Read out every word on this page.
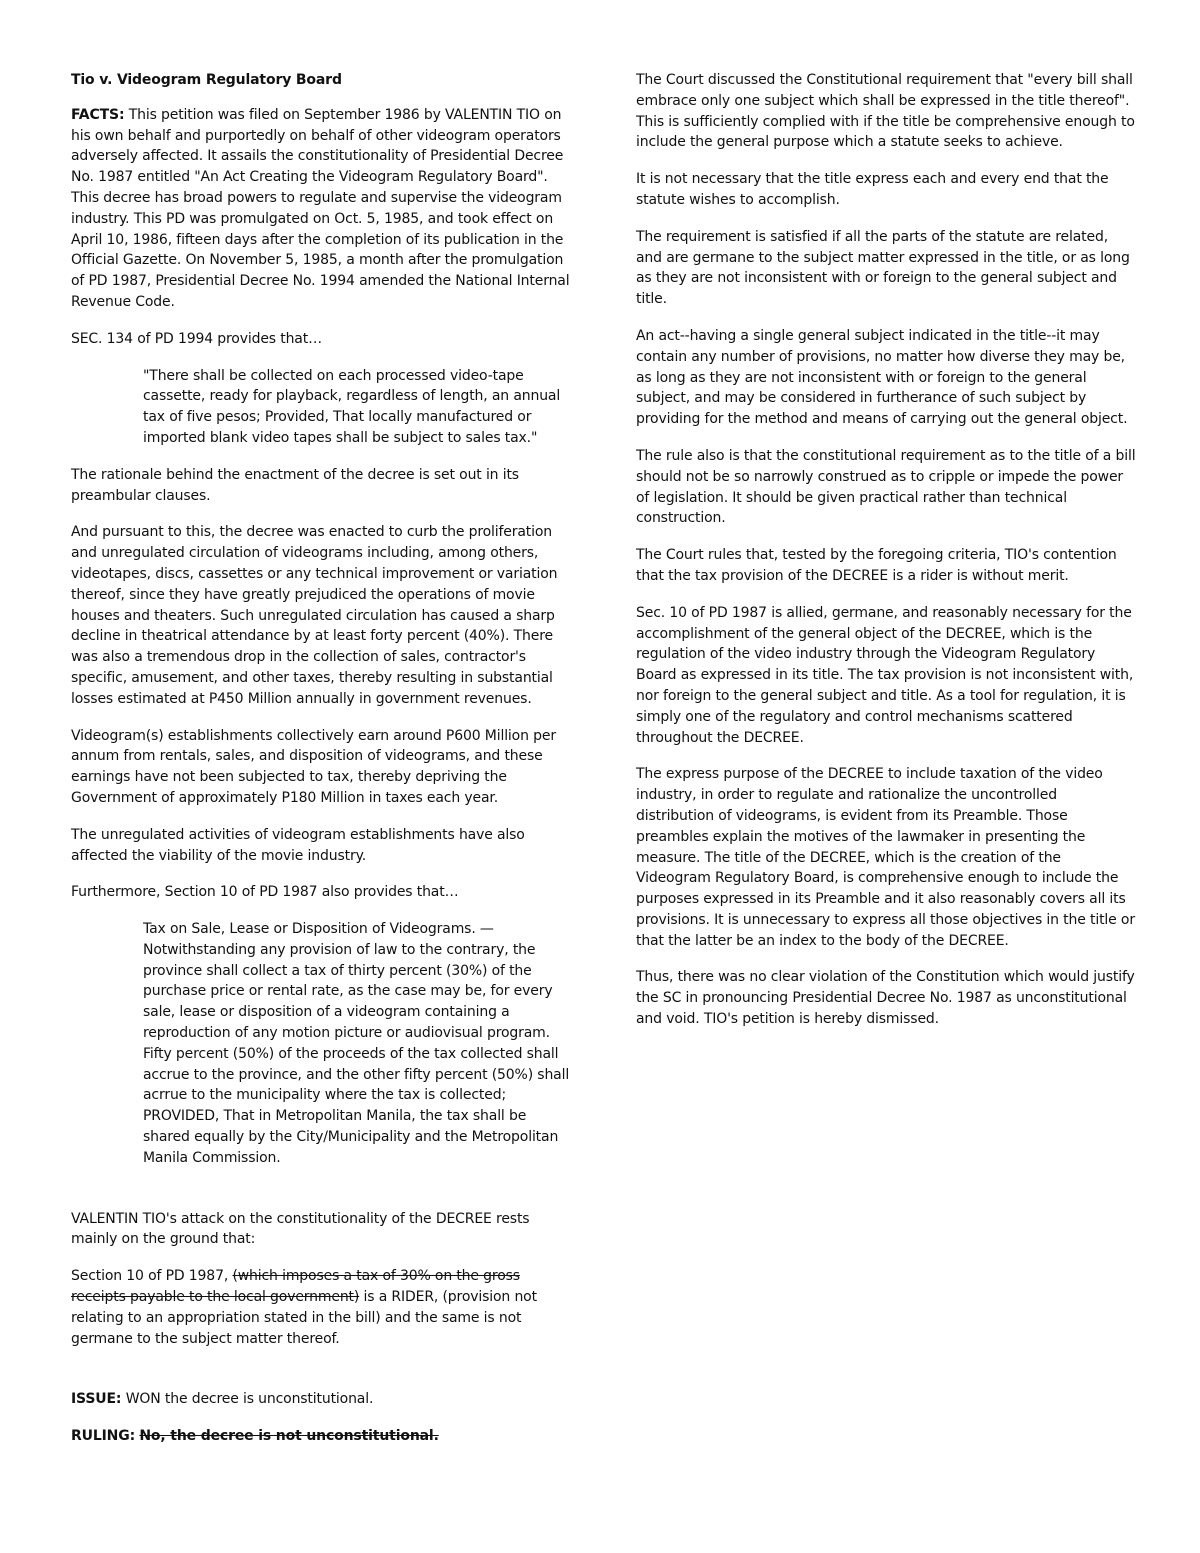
Tio v. Videogram Regulatory Board

FACTS: This petition was filed on September 1986 by VALENTIN TIO on his own behalf and purportedly on behalf of other videogram operators adversely affected. It assails the constitutionality of Presidential Decree No. 1987 entitled "An Act Creating the Videogram Regulatory Board". This decree has broad powers to regulate and supervise the videogram industry. This PD was promulgated on Oct. 5, 1985, and took effect on April 10, 1986, fifteen days after the completion of its publication in the Official Gazette. On November 5, 1985, a month after the promulgation of PD 1987, Presidential Decree No. 1994 amended the National Internal Revenue Code.

SEC. 134 of PD 1994 provides that…

"There shall be collected on each processed video-tape cassette, ready for playback, regardless of length, an annual tax of five pesos; Provided, That locally manufactured or imported blank video tapes shall be subject to sales tax."

The rationale behind the enactment of the decree is set out in its preambular clauses.

And pursuant to this, the decree was enacted to curb the proliferation and unregulated circulation of videograms including, among others, videotapes, discs, cassettes or any technical improvement or variation thereof, since they have greatly prejudiced the operations of movie houses and theaters. Such unregulated circulation has caused a sharp decline in theatrical attendance by at least forty percent (40%). There was also a tremendous drop in the collection of sales, contractor's specific, amusement, and other taxes, thereby resulting in substantial losses estimated at P450 Million annually in government revenues.

Videogram(s) establishments collectively earn around P600 Million per annum from rentals, sales, and disposition of videograms, and these earnings have not been subjected to tax, thereby depriving the Government of approximately P180 Million in taxes each year.

The unregulated activities of videogram establishments have also affected the viability of the movie industry.

Furthermore, Section 10 of PD 1987 also provides that…

Tax on Sale, Lease or Disposition of Videograms. — Notwithstanding any provision of law to the contrary, the province shall collect a tax of thirty percent (30%) of the purchase price or rental rate, as the case may be, for every sale, lease or disposition of a videogram containing a reproduction of any motion picture or audiovisual program. Fifty percent (50%) of the proceeds of the tax collected shall accrue to the province, and the other fifty percent (50%) shall acrrue to the municipality where the tax is collected; PROVIDED, That in Metropolitan Manila, the tax shall be shared equally by the City/Municipality and the Metropolitan Manila Commission.

VALENTIN TIO's attack on the constitutionality of the DECREE rests mainly on the ground that:

Section 10 of PD 1987, (which imposes a tax of 30% on the gross receipts payable to the local government) is a RIDER, (provision not relating to an appropriation stated in the bill) and the same is not germane to the subject matter thereof.

ISSUE: WON the decree is unconstitutional.

RULING: No, the decree is not unconstitutional.

The Court discussed the Constitutional requirement that "every bill shall embrace only one subject which shall be expressed in the title thereof". This is sufficiently complied with if the title be comprehensive enough to include the general purpose which a statute seeks to achieve.

It is not necessary that the title express each and every end that the statute wishes to accomplish.

The requirement is satisfied if all the parts of the statute are related, and are germane to the subject matter expressed in the title, or as long as they are not inconsistent with or foreign to the general subject and title.

An act--having a single general subject indicated in the title--it may contain any number of provisions, no matter how diverse they may be, as long as they are not inconsistent with or foreign to the general subject, and may be considered in furtherance of such subject by providing for the method and means of carrying out the general object.

The rule also is that the constitutional requirement as to the title of a bill should not be so narrowly construed as to cripple or impede the power of legislation. It should be given practical rather than technical construction.

The Court rules that, tested by the foregoing criteria, TIO's contention that the tax provision of the DECREE is a rider is without merit.

Sec. 10 of PD 1987 is allied, germane, and reasonably necessary for the accomplishment of the general object of the DECREE, which is the regulation of the video industry through the Videogram Regulatory Board as expressed in its title. The tax provision is not inconsistent with, nor foreign to the general subject and title. As a tool for regulation, it is simply one of the regulatory and control mechanisms scattered throughout the DECREE.

The express purpose of the DECREE to include taxation of the video industry, in order to regulate and rationalize the uncontrolled distribution of videograms, is evident from its Preamble. Those preambles explain the motives of the lawmaker in presenting the measure. The title of the DECREE, which is the creation of the Videogram Regulatory Board, is comprehensive enough to include the purposes expressed in its Preamble and it also reasonably covers all its provisions. It is unnecessary to express all those objectives in the title or that the latter be an index to the body of the DECREE.

Thus, there was no clear violation of the Constitution which would justify the SC in pronouncing Presidential Decree No. 1987 as unconstitutional and void. TIO's petition is hereby dismissed.
